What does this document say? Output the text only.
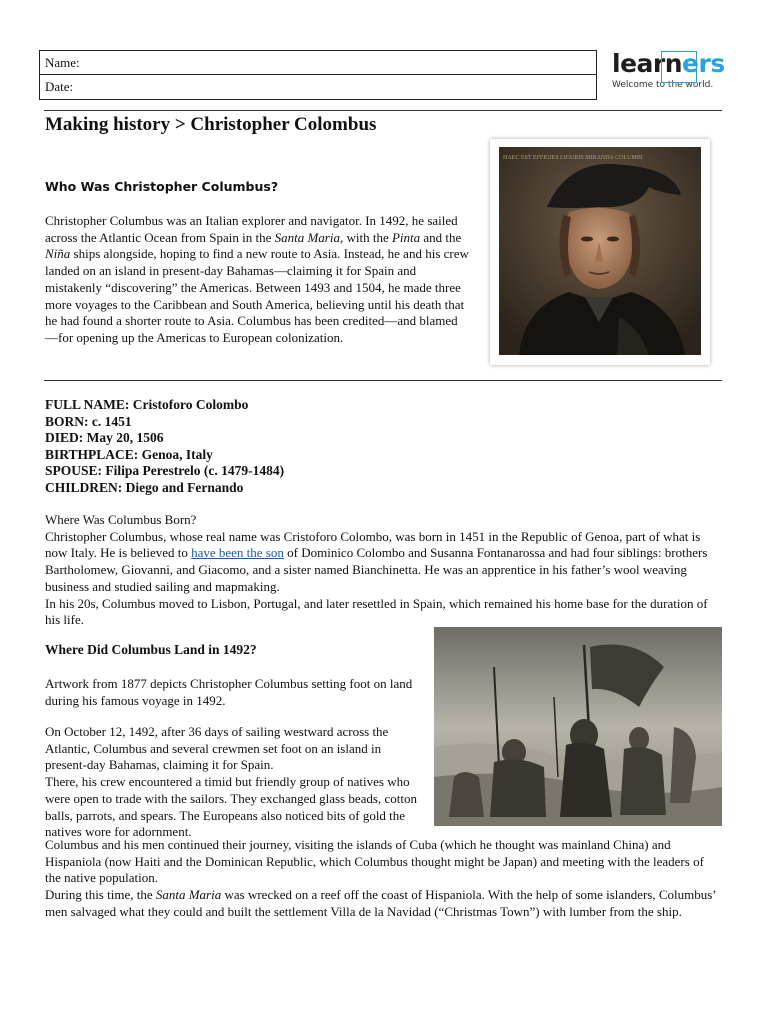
Name:
Date:
learners
Welcome to the world.
Making history > Christopher Colombus
Who Was Christopher Columbus?
Christopher Columbus was an Italian explorer and navigator. In 1492, he sailed across the Atlantic Ocean from Spain in the Santa Maria, with the Pinta and the Niña ships alongside, hoping to find a new route to Asia. Instead, he and his crew landed on an island in present-day Bahamas—claiming it for Spain and mistakenly “discovering” the Americas. Between 1493 and 1504, he made three more voyages to the Caribbean and South America, believing until his death that he had found a shorter route to Asia. Columbus has been credited—and blamed—for opening up the Americas to European colonization.
HAEC EST EFFIGIES LIGURIS MIRANDA COLUMBI
FULL NAME: Cristoforo Colombo
BORN: c. 1451
DIED: May 20, 1506
BIRTHPLACE: Genoa, Italy
SPOUSE: Filipa Perestrelo (c. 1479-1484)
CHILDREN: Diego and Fernando
Where Was Columbus Born?
Christopher Columbus, whose real name was Cristoforo Colombo, was born in 1451 in the Republic of Genoa, part of what is now Italy. He is believed to have been the son of Dominico Colombo and Susanna Fontanarossa and had four siblings: brothers Bartholomew, Giovanni, and Giacomo, and a sister named Bianchinetta. He was an apprentice in his father’s wool weaving business and studied sailing and mapmaking.
In his 20s, Columbus moved to Lisbon, Portugal, and later resettled in Spain, which remained his home base for the duration of his life.
Where Did Columbus Land in 1492?
Artwork from 1877 depicts Christopher Columbus setting foot on land during his famous voyage in 1492.
On October 12, 1492, after 36 days of sailing westward across the Atlantic, Columbus and several crewmen set foot on an island in present-day Bahamas, claiming it for Spain.
There, his crew encountered a timid but friendly group of natives who were open to trade with the sailors. They exchanged glass beads, cotton balls, parrots, and spears. The Europeans also noticed bits of gold the natives wore for adornment.
Columbus and his men continued their journey, visiting the islands of Cuba (which he thought was mainland China) and Hispaniola (now Haiti and the Dominican Republic, which Columbus thought might be Japan) and meeting with the leaders of the native population.
During this time, the Santa Maria was wrecked on a reef off the coast of Hispaniola. With the help of some islanders, Columbus’ men salvaged what they could and built the settlement Villa de la Navidad (“Christmas Town”) with lumber from the ship.
